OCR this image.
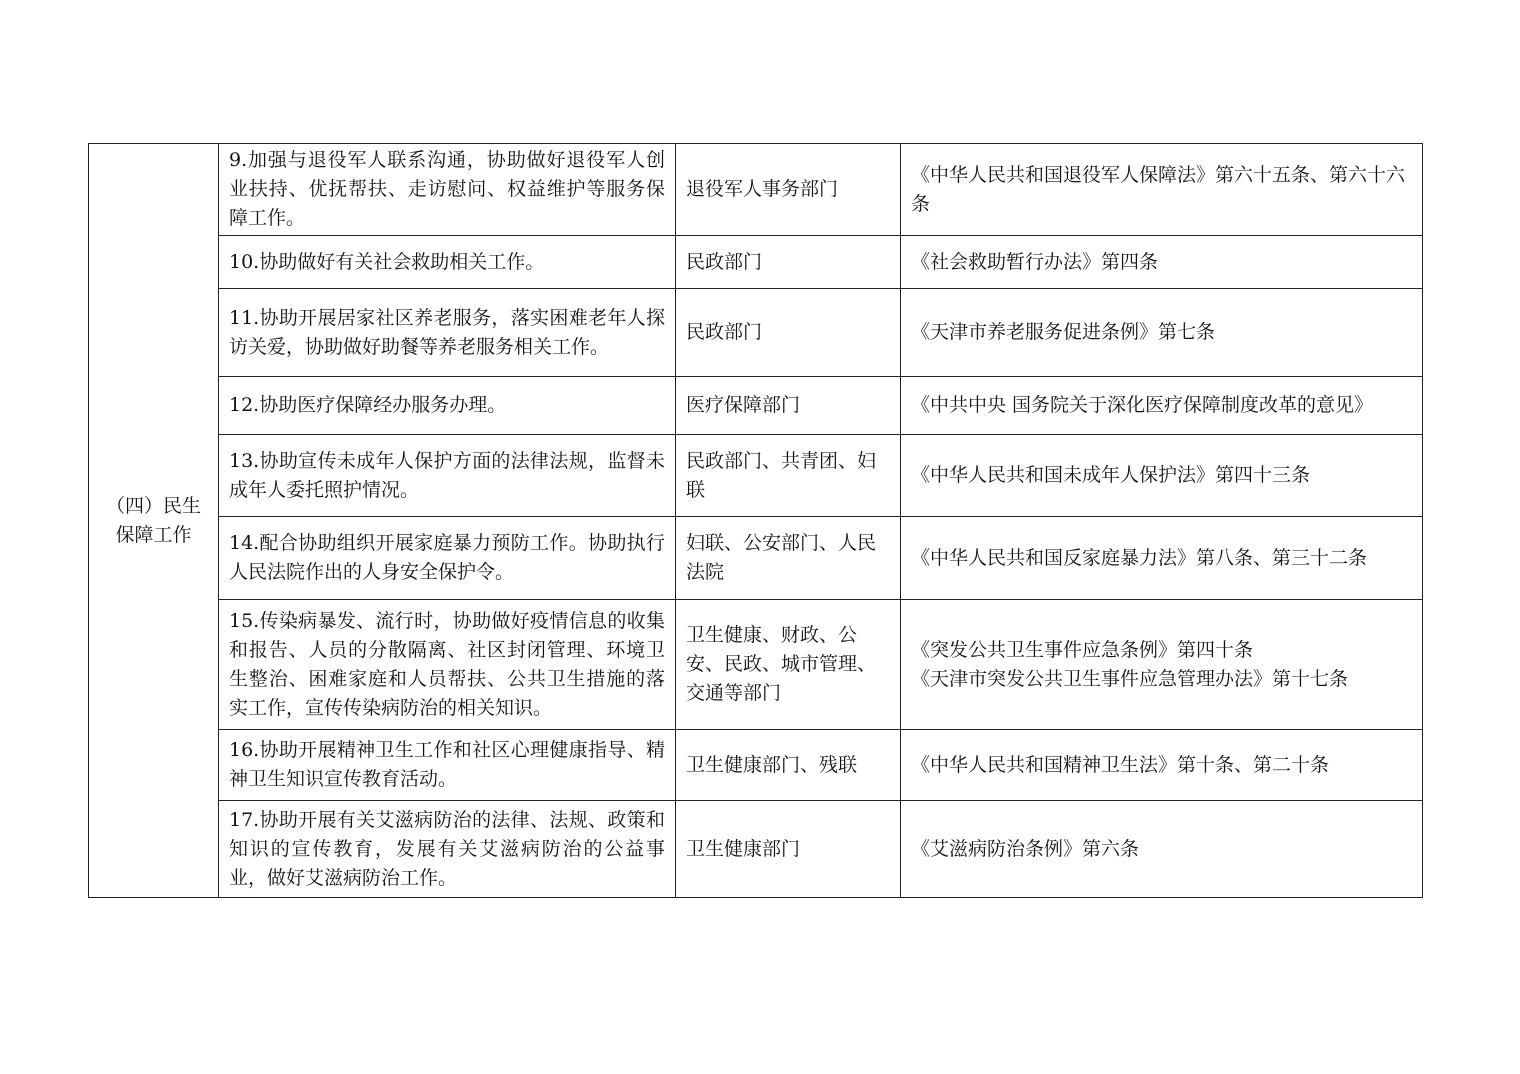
（四）民生保障工作	9.加强与退役军人联系沟通，协助做好退役军人创业扶持、优抚帮扶、走访慰问、权益维护等服务保障工作。	退役军人事务部门	《中华人民共和国退役军人保障法》第六十五条、第六十六条
	10.协助做好有关社会救助相关工作。	民政部门	《社会救助暂行办法》第四条
	11.协助开展居家社区养老服务，落实困难老年人探访关爱，协助做好助餐等养老服务相关工作。	民政部门	《天津市养老服务促进条例》第七条
	12.协助医疗保障经办服务办理。	医疗保障部门	《中共中央 国务院关于深化医疗保障制度改革的意见》
	13.协助宣传未成年人保护方面的法律法规，监督未成年人委托照护情况。	民政部门、共青团、妇联	《中华人民共和国未成年人保护法》第四十三条
	14.配合协助组织开展家庭暴力预防工作。协助执行人民法院作出的人身安全保护令。	妇联、公安部门、人民法院	《中华人民共和国反家庭暴力法》第八条、第三十二条
	15.传染病暴发、流行时，协助做好疫情信息的收集和报告、人员的分散隔离、社区封闭管理、环境卫生整治、困难家庭和人员帮扶、公共卫生措施的落实工作，宣传传染病防治的相关知识。	卫生健康、财政、公安、民政、城市管理、交通等部门	《突发公共卫生事件应急条例》第四十条
《天津市突发公共卫生事件应急管理办法》第十七条
	16.协助开展精神卫生工作和社区心理健康指导、精神卫生知识宣传教育活动。	卫生健康部门、残联	《中华人民共和国精神卫生法》第十条、第二十条
	17.协助开展有关艾滋病防治的法律、法规、政策和知识的宣传教育，发展有关艾滋病防治的公益事业，做好艾滋病防治工作。	卫生健康部门	《艾滋病防治条例》第六条
